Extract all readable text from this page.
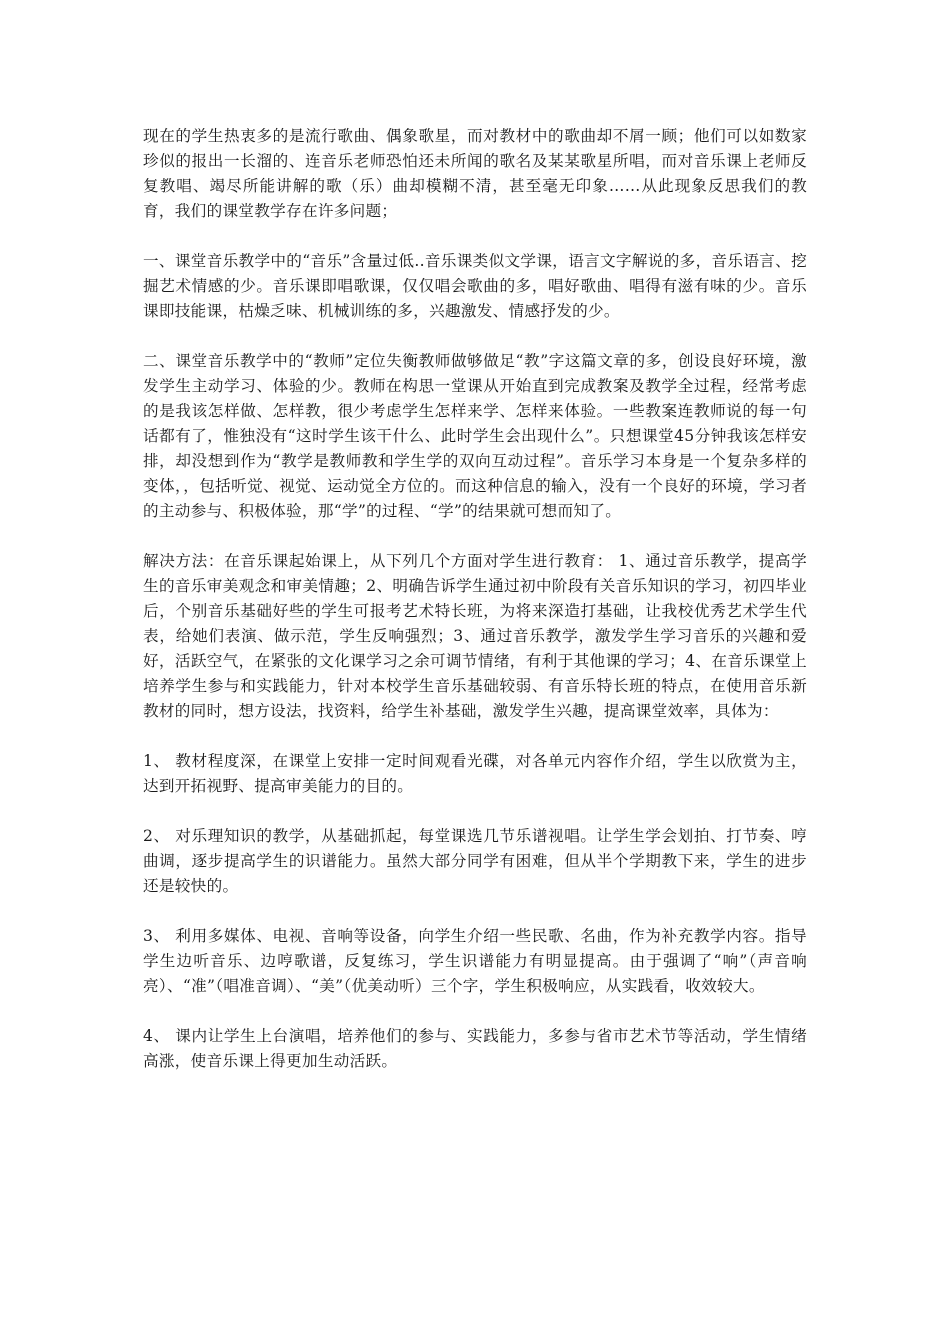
现在的学生热衷多的是流行歌曲、偶象歌星，而对教材中的歌曲却不屑一顾；他们可以如数家珍似的报出一长溜的、连音乐老师恐怕还未所闻的歌名及某某歌星所唱，而对音乐课上老师反复教唱、竭尽所能讲解的歌（乐）曲却模糊不清，甚至毫无印象……从此现象反思我们的教育，我们的课堂教学存在许多问题；

一、课堂音乐教学中的“音乐”含量过低..音乐课类似文学课，语言文字解说的多，音乐语言、挖掘艺术情感的少。音乐课即唱歌课，仅仅唱会歌曲的多，唱好歌曲、唱得有滋有味的少。音乐课即技能课，枯燥乏味、机械训练的多，兴趣激发、情感抒发的少。

二、课堂音乐教学中的“教师”定位失衡教师做够做足“教”字这篇文章的多，创设良好环境，激发学生主动学习、体验的少。教师在构思一堂课从开始直到完成教案及教学全过程，经常考虑的是我该怎样做、怎样教，很少考虑学生怎样来学、怎样来体验。一些教案连教师说的每一句话都有了，惟独没有“这时学生该干什么、此时学生会出现什么”。只想课堂45分钟我该怎样安排，却没想到作为“教学是教师教和学生学的双向互动过程”。音乐学习本身是一个复杂多样的变体，，包括听觉、视觉、运动觉全方位的。而这种信息的输入，没有一个良好的环境，学习者的主动参与、积极体验，那“学”的过程、“学”的结果就可想而知了。

解决方法：在音乐课起始课上，从下列几个方面对学生进行教育： 1、通过音乐教学，提高学生的音乐审美观念和审美情趣；2、明确告诉学生通过初中阶段有关音乐知识的学习，初四毕业后，个别音乐基础好些的学生可报考艺术特长班，为将来深造打基础，让我校优秀艺术学生代表，给她们表演、做示范，学生反响强烈；3、通过音乐教学，激发学生学习音乐的兴趣和爱好，活跃空气，在紧张的文化课学习之余可调节情绪，有利于其他课的学习；4、在音乐课堂上培养学生参与和实践能力，针对本校学生音乐基础较弱、有音乐特长班的特点，在使用音乐新教材的同时，想方设法，找资料，给学生补基础，激发学生兴趣，提高课堂效率，具体为：

1、 教材程度深，在课堂上安排一定时间观看光碟，对各单元内容作介绍，学生以欣赏为主，达到开拓视野、提高审美能力的目的。

2、 对乐理知识的教学，从基础抓起，每堂课选几节乐谱视唱。让学生学会划拍、打节奏、哼曲调，逐步提高学生的识谱能力。虽然大部分同学有困难，但从半个学期教下来，学生的进步还是较快的。

3、 利用多媒体、电视、音响等设备，向学生介绍一些民歌、名曲，作为补充教学内容。指导学生边听音乐、边哼歌谱，反复练习，学生识谱能力有明显提高。由于强调了“响”（声音响亮）、“准”（唱准音调）、“美”（优美动听）三个字，学生积极响应，从实践看，收效较大。

4、 课内让学生上台演唱，培养他们的参与、实践能力，多参与省市艺术节等活动，学生情绪高涨，使音乐课上得更加生动活跃。
